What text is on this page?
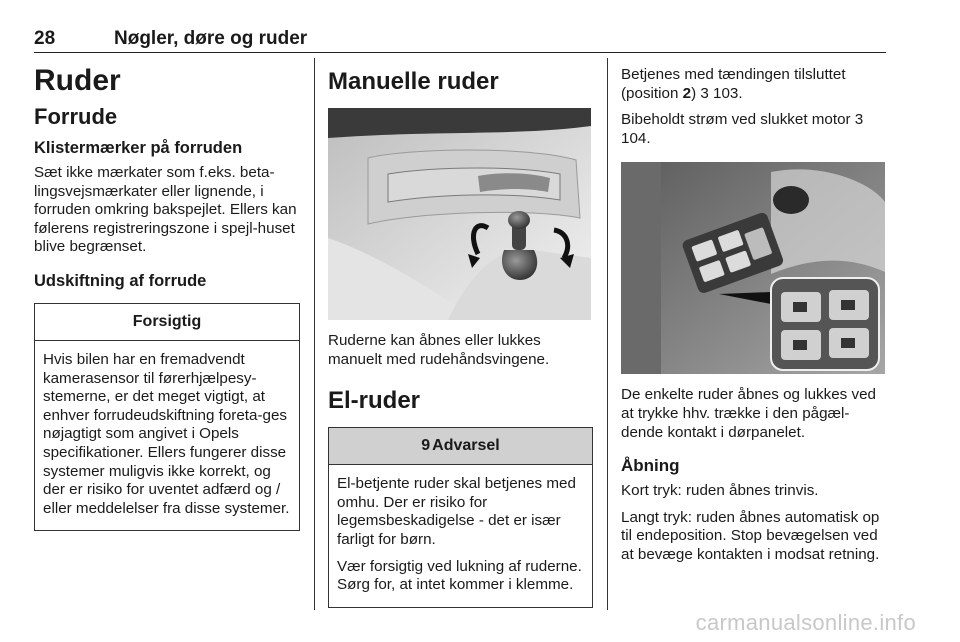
28	Nøgler, døre og ruder
Ruder
Forrude
Klistermærker på forruden

Sæt ikke mærkater som f.eks. beta-lingsvejsmærkater eller lignende, i forruden omkring bakspejlet. Ellers kan følerens registreringszone i spejl-huset blive begrænset.

Udskiftning af forrude
Forsigtig

Hvis bilen har en fremadvendt kamerasensor til førerhjælpesy-stemerne, er det meget vigtigt, at enhver forrudeudskiftning foreta-ges nøjagtigt som angivet i Opels specifikationer. Ellers fungerer disse systemer muligvis ikke korrekt, og der er risiko for uventet adfærd og / eller meddelelser fra disse systemer.

Manuelle ruder

Ruderne kan åbnes eller lukkes manuelt med rudehåndsvingene.

El-ruder
9 Advarsel

El-betjente ruder skal betjenes med omhu. Der er risiko for legemsbeskadigelse - det er især farligt for børn.

Vær forsigtig ved lukning af ruderne. Sørg for, at intet kommer i klemme.

Betjenes med tændingen tilsluttet (position 2) 3 103.

Bibeholdt strøm ved slukket motor 3 104.

De enkelte ruder åbnes og lukkes ved at trykke hhv. trække i den pågæl-dende kontakt i dørpanelet.

Åbning

Kort tryk: ruden åbnes trinvis.

Langt tryk: ruden åbnes automatisk op til endeposition. Stop bevægelsen ved at bevæge kontakten i modsat retning.

carmanualsonline.info
